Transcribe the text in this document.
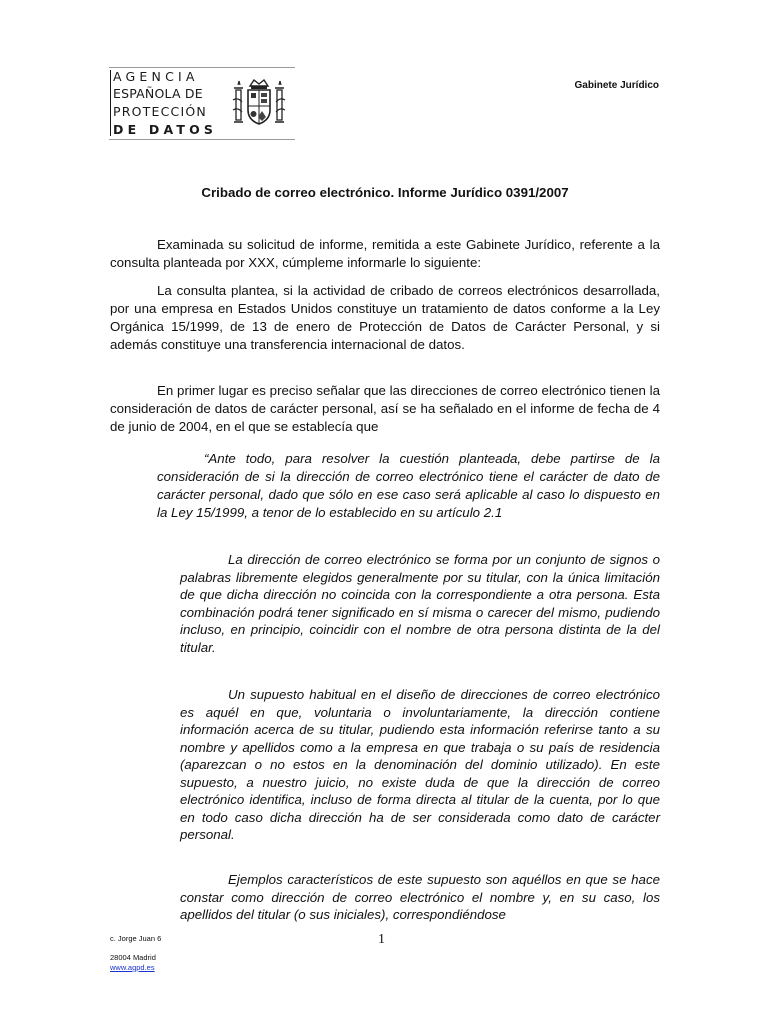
AGENCIA
ESPAÑOLA DE
PROTECCIÓN
DE DATOS
Gabinete Jurídico
Cribado de correo electrónico. Informe Jurídico 0391/2007

Examinada su solicitud de informe, remitida a este Gabinete Jurídico, referente a la consulta planteada por XXX, cúmpleme informarle lo siguiente:

La consulta plantea, si la actividad de cribado de correos electrónicos desarrollada, por una empresa en Estados Unidos constituye un tratamiento de datos conforme a la Ley Orgánica 15/1999, de 13 de enero de Protección de Datos de Carácter Personal, y si además constituye una transferencia internacional de datos.

En primer lugar es preciso señalar que las direcciones de correo electrónico tienen la consideración de datos de carácter personal, así se ha señalado en el informe de fecha de 4 de junio de 2004, en el que se establecía que

“Ante todo, para resolver la cuestión planteada, debe partirse de la consideración de si la dirección de correo electrónico tiene el carácter de dato de carácter personal, dado que sólo en ese caso será aplicable al caso lo dispuesto en la Ley 15/1999, a tenor de lo establecido en su artículo 2.1

La dirección de correo electrónico se forma por un conjunto de signos o palabras libremente elegidos generalmente por su titular, con la única limitación de que dicha dirección no coincida con la correspondiente a otra persona. Esta combinación podrá tener significado en sí misma o carecer del mismo, pudiendo incluso, en principio, coincidir con el nombre de otra persona distinta de la del titular.

Un supuesto habitual en el diseño de direcciones de correo electrónico es aquél en que, voluntaria o involuntariamente, la dirección contiene información acerca de su titular, pudiendo esta información referirse tanto a su nombre y apellidos como a la empresa en que trabaja o su país de residencia (aparezcan o no estos en la denominación del dominio utilizado). En este supuesto, a nuestro juicio, no existe duda de que la dirección de correo electrónico identifica, incluso de forma directa al titular de la cuenta, por lo que en todo caso dicha dirección ha de ser considerada como dato de carácter personal.

Ejemplos característicos de este supuesto son aquéllos en que se hace constar como dirección de correo electrónico el nombre y, en su caso, los apellidos del titular (o sus iniciales), correspondiéndose

c. Jorge Juan 6
28004 Madrid
www.agpd.es
1
